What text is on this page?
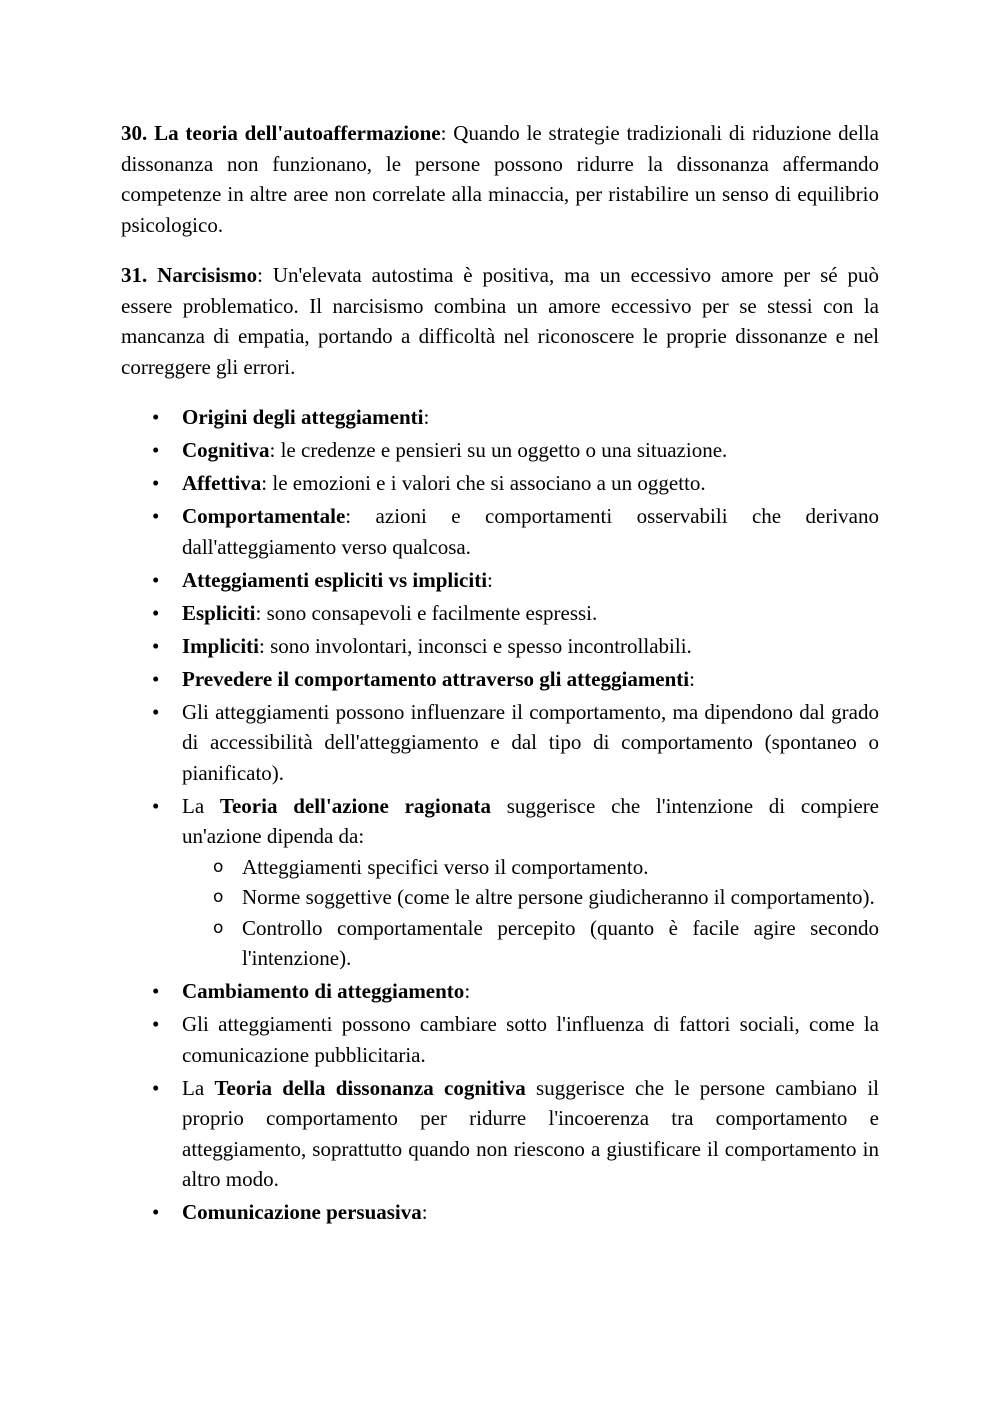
30. La teoria dell'autoaffermazione: Quando le strategie tradizionali di riduzione della dissonanza non funzionano, le persone possono ridurre la dissonanza affermando competenze in altre aree non correlate alla minaccia, per ristabilire un senso di equilibrio psicologico.

31. Narcisismo: Un'elevata autostima è positiva, ma un eccessivo amore per sé può essere problematico. Il narcisismo combina un amore eccessivo per se stessi con la mancanza di empatia, portando a difficoltà nel riconoscere le proprie dissonanze e nel correggere gli errori.

• Origini degli atteggiamenti:
• Cognitiva: le credenze e pensieri su un oggetto o una situazione.
• Affettiva: le emozioni e i valori che si associano a un oggetto.
• Comportamentale: azioni e comportamenti osservabili che derivano dall'atteggiamento verso qualcosa.
• Atteggiamenti espliciti vs impliciti:
• Espliciti: sono consapevoli e facilmente espressi.
• Impliciti: sono involontari, inconsci e spesso incontrollabili.
• Prevedere il comportamento attraverso gli atteggiamenti:
• Gli atteggiamenti possono influenzare il comportamento, ma dipendono dal grado di accessibilità dell'atteggiamento e dal tipo di comportamento (spontaneo o pianificato).
• La Teoria dell'azione ragionata suggerisce che l'intenzione di compiere un'azione dipenda da:
o Atteggiamenti specifici verso il comportamento.
o Norme soggettive (come le altre persone giudicheranno il comportamento).
o Controllo comportamentale percepito (quanto è facile agire secondo l'intenzione).
• Cambiamento di atteggiamento:
• Gli atteggiamenti possono cambiare sotto l'influenza di fattori sociali, come la comunicazione pubblicitaria.
• La Teoria della dissonanza cognitiva suggerisce che le persone cambiano il proprio comportamento per ridurre l'incoerenza tra comportamento e atteggiamento, soprattutto quando non riescono a giustificare il comportamento in altro modo.
• Comunicazione persuasiva:
